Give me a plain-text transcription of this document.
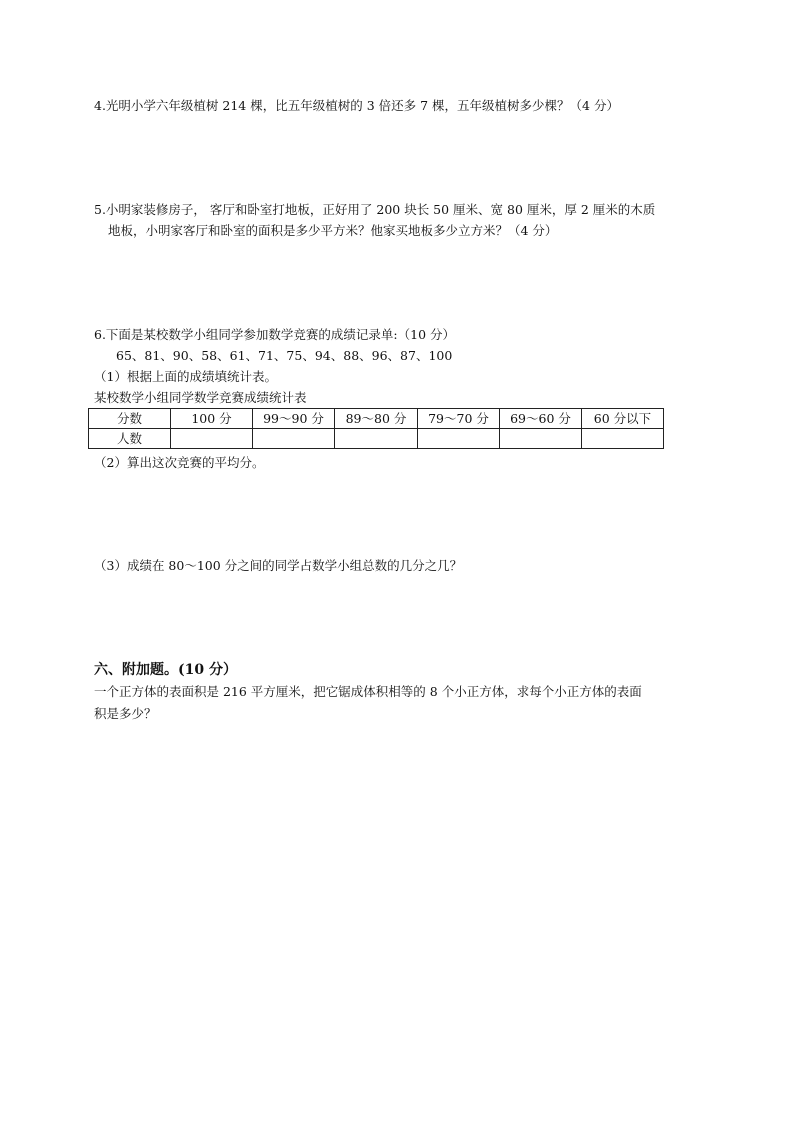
4.光明小学六年级植树 214 棵，比五年级植树的 3 倍还多 7 棵，五年级植树多少棵？（4 分）
5.小明家装修房子， 客厅和卧室打地板，正好用了 200 块长 50 厘米、宽 80 厘米，厚 2 厘米的木质
地板，小明家客厅和卧室的面积是多少平方米？他家买地板多少立方米？（4 分）
6.下面是某校数学小组同学参加数学竞赛的成绩记录单:（10 分）
65、81、90、58、61、71、75、94、88、96、87、100
（1）根据上面的成绩填统计表。
某校数学小组同学数学竞赛成绩统计表
分数	100 分	99～90 分	89～80 分	79～70 分	69～60 分	60 分以下
人数						
（2）算出这次竞赛的平均分。
（3）成绩在 80～100 分之间的同学占数学小组总数的几分之几？
六、附加题。(10 分）
一个正方体的表面积是 216 平方厘米，把它锯成体积相等的 8 个小正方体，求每个小正方体的表面
积是多少？
